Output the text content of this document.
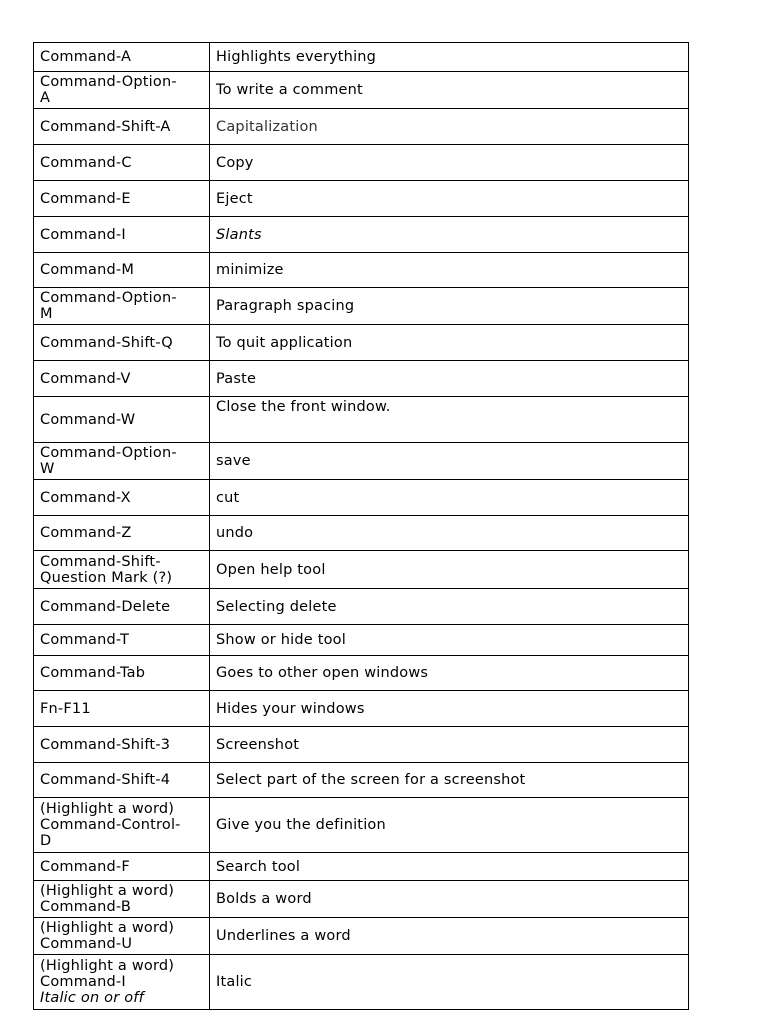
Command-A	Highlights everything

Command-Option-
A	To write a comment

Command-Shift-A	Capitalization

Command-C	Copy

Command-E	Eject

Command-I	Slants

Command-M	minimize

Command-Option-
M	Paragraph spacing

Command-Shift-Q	To quit application

Command-V	Paste

Command-W	Close the front window.

Command-Option-
W	save

Command-X	cut

Command-Z	undo

Command-Shift-
Question Mark (?)	Open help tool

Command-Delete	Selecting delete

Command-T	Show or hide tool

Command-Tab	Goes to other open windows

Fn-F11	Hides your windows

Command-Shift-3	Screenshot

Command-Shift-4	Select part of the screen for a screenshot

(Highlight a word)
Command-Control-
D	Give you the definition

Command-F	Search tool

(Highlight a word)
Command-B	Bolds a word

(Highlight a word)
Command-U	Underlines a word

(Highlight a word)
Command-I
Italic on or off	Italic
